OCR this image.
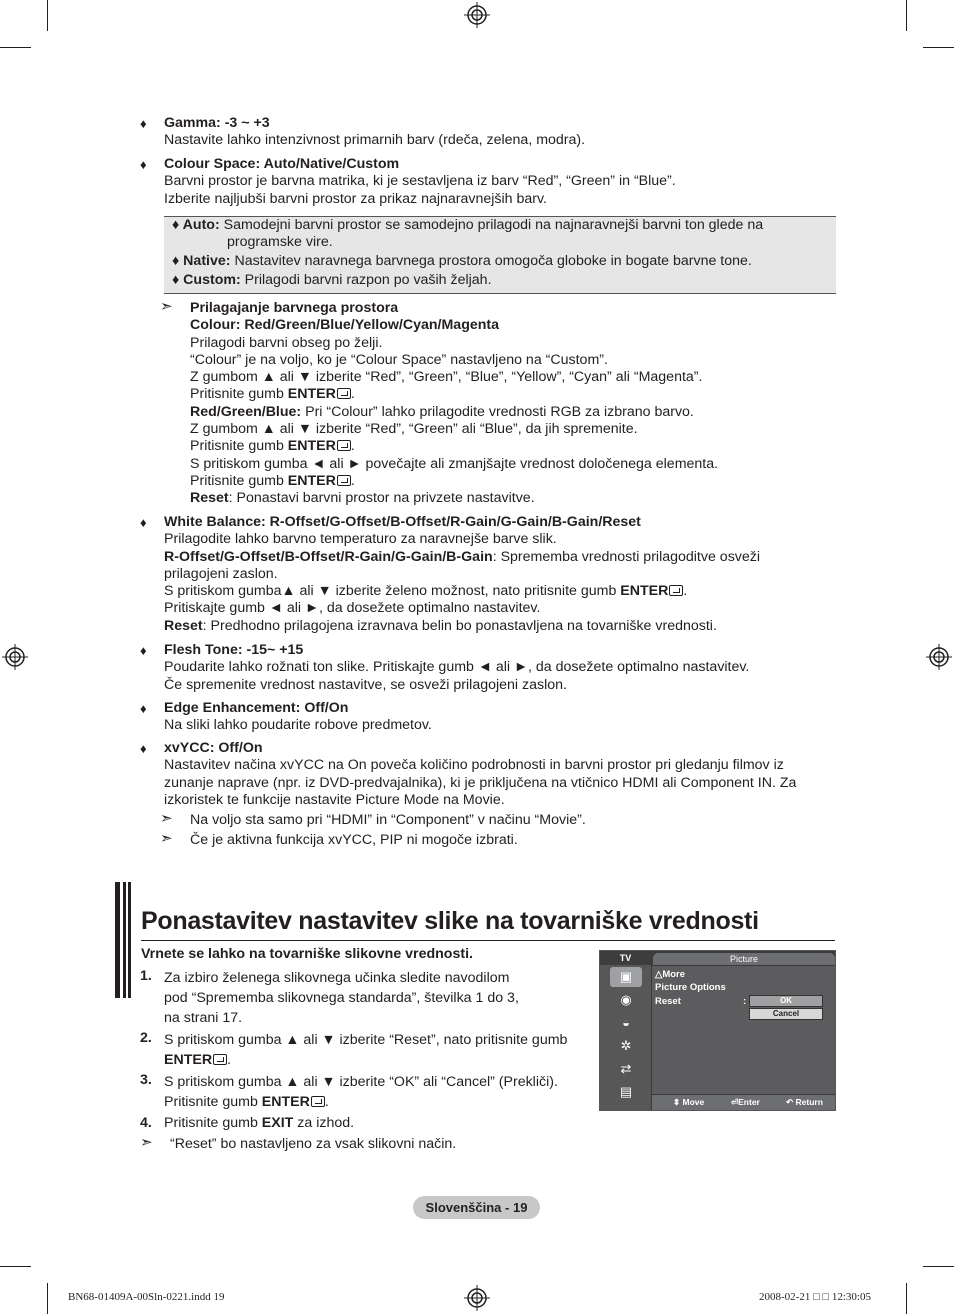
♦ Gamma: -3 ~ +3
Nastavite lahko intenzivnost primarnih barv (rdeča, zelena, modra).
♦ Colour Space: Auto/Native/Custom
Barvni prostor je barvna matrika, ki je sestavljena iz barv “Red”, “Green” in “Blue”.
Izberite najljubši barvni prostor za prikaz najnaravnejših barv.
♦ Auto: Samodejni barvni prostor se samodejno prilagodi na najnaravnejši barvni ton glede na
programske vire.
♦ Native: Nastavitev naravnega barvnega prostora omogoča globoke in bogate barvne tone.
♦ Custom: Prilagodi barvni razpon po vaših željah.
➣ Prilagajanje barvnega prostora
Colour: Red/Green/Blue/Yellow/Cyan/Magenta
Prilagodi barvni obseg po želji.
“Colour” je na voljo, ko je “Colour Space” nastavljeno na “Custom”.
Z gumbom ▲ ali ▼ izberite “Red”, “Green”, “Blue”, “Yellow”, “Cyan” ali “Magenta”.
Pritisnite gumb ENTER .
Red/Green/Blue: Pri “Colour” lahko prilagodite vrednosti RGB za izbrano barvo.
Z gumbom ▲ ali ▼ izberite “Red”, “Green” ali “Blue”, da jih spremenite.
Pritisnite gumb ENTER .
S pritiskom gumba ◄ ali ► povečajte ali zmanjšajte vrednost določenega elementa.
Pritisnite gumb ENTER .
Reset: Ponastavi barvni prostor na privzete nastavitve.
♦ White Balance: R-Offset/G-Offset/B-Offset/R-Gain/G-Gain/B-Gain/Reset
Prilagodite lahko barvno temperaturo za naravnejše barve slik.
R-Offset/G-Offset/B-Offset/R-Gain/G-Gain/B-Gain: Sprememba vrednosti prilagoditve osveži
prilagojeni zaslon.
S pritiskom gumba▲ ali ▼ izberite želeno možnost, nato pritisnite gumb ENTER .
Pritiskajte gumb ◄ ali ►, da dosežete optimalno nastavitev.
Reset: Predhodno prilagojena izravnava belin bo ponastavljena na tovarniške vrednosti.
♦ Flesh Tone: -15~ +15
Poudarite lahko rožnati ton slike. Pritiskajte gumb ◄ ali ►, da dosežete optimalno nastavitev.
Če spremenite vrednost nastavitve, se osveži prilagojeni zaslon.
♦ Edge Enhancement: Off/On
Na sliki lahko poudarite robove predmetov.
♦ xvYCC: Off/On
Nastavitev načina xvYCC na On poveča količino podrobnosti in barvni prostor pri gledanju filmov iz
zunanje naprave (npr. iz DVD-predvajalnika), ki je priključena na vtičnico HDMI ali Component IN. Za
izkoristek te funkcije nastavite Picture Mode na Movie.
➣ Na voljo sta samo pri “HDMI” in “Component” v načinu “Movie”.
➣ Če je aktivna funkcija xvYCC, PIP ni mogoče izbrati.
Ponastavitev nastavitev slike na tovarniške vrednosti
Vrnete se lahko na tovarniške slikovne vrednosti.
1. Za izbiro želenega slikovnega učinka sledite navodilom
pod “Sprememba slikovnega standarda”, številka 1 do 3,
na strani 17.
2. S pritiskom gumba ▲ ali ▼ izberite “Reset”, nato pritisnite gumb
ENTER .
3. S pritiskom gumba ▲ ali ▼ izberite “OK” ali “Cancel” (Prekliči).
Pritisnite gumb ENTER .
4. Pritisnite gumb EXIT za izhod.
➣ “Reset” bo nastavljeno za vsak slikovni način.
TV
▣
◉
◒
✲
⇄
▤
Picture
△More
Picture Options
Reset	:	OK
Cancel
⬍ Move	⏎Enter	↶ Return
Slovenščina - 19
BN68-01409A-00Sln-0221.indd 19	2008-02-21 □ □ 12:30:05
